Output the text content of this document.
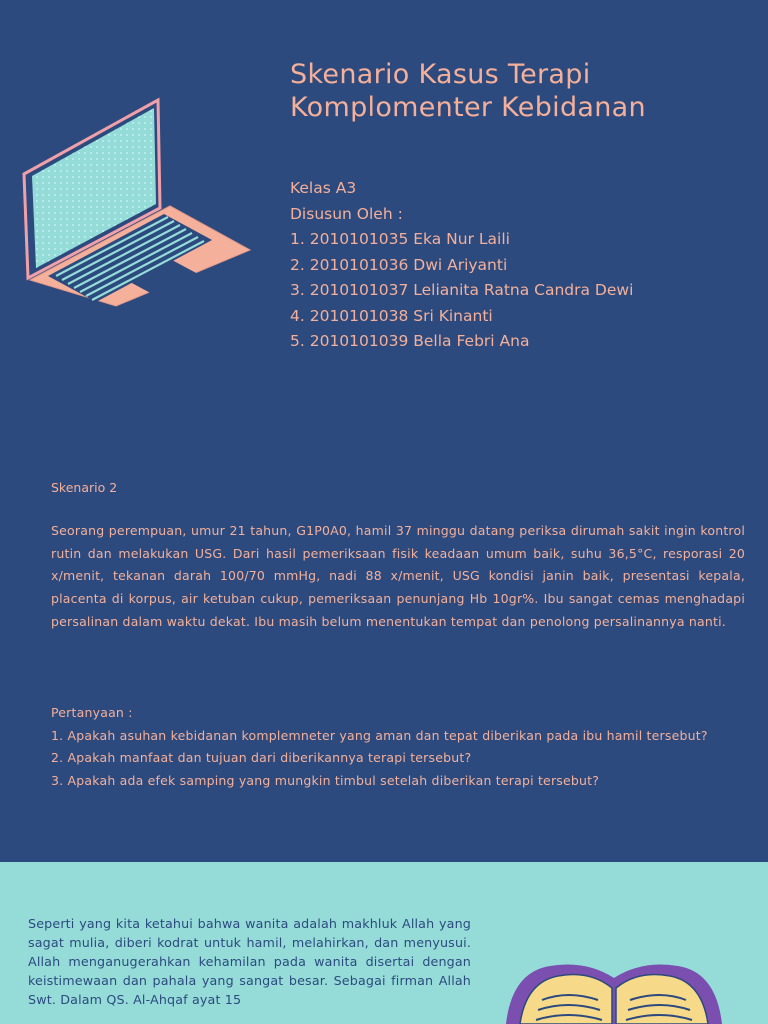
Skenario Kasus Terapi
Komplomenter Kebidanan
Kelas A3
Disusun Oleh :
1. 2010101035 Eka Nur Laili
2. 2010101036 Dwi Ariyanti
3. 2010101037 Lelianita Ratna Candra Dewi
4. 2010101038 Sri Kinanti
5. 2010101039 Bella Febri Ana
Skenario 2

Seorang perempuan, umur 21 tahun, G1P0A0, hamil 37 minggu datang periksa dirumah sakit ingin kontrol rutin dan melakukan USG. Dari hasil pemeriksaan fisik keadaan umum baik, suhu 36,5°C, resporasi 20 x/menit, tekanan darah 100/70 mmHg, nadi 88 x/menit, USG kondisi janin baik, presentasi kepala, placenta di korpus, air ketuban cukup, pemeriksaan penunjang Hb 10gr%. Ibu sangat cemas menghadapi persalinan dalam waktu dekat. Ibu masih belum menentukan tempat dan penolong persalinannya nanti.

Pertanyaan :
1. Apakah asuhan kebidanan komplemneter yang aman dan tepat diberikan pada ibu hamil tersebut?
2. Apakah manfaat dan tujuan dari diberikannya terapi tersebut?
3. Apakah ada efek samping yang mungkin timbul setelah diberikan terapi tersebut?

Seperti yang kita ketahui bahwa wanita adalah makhluk Allah yang sagat mulia, diberi kodrat untuk hamil, melahirkan, dan menyusui. Allah menganugerahkan kehamilan pada wanita disertai dengan keistimewaan dan pahala yang sangat besar. Sebagai firman Allah Swt. Dalam QS. Al-Ahqaf ayat 15
